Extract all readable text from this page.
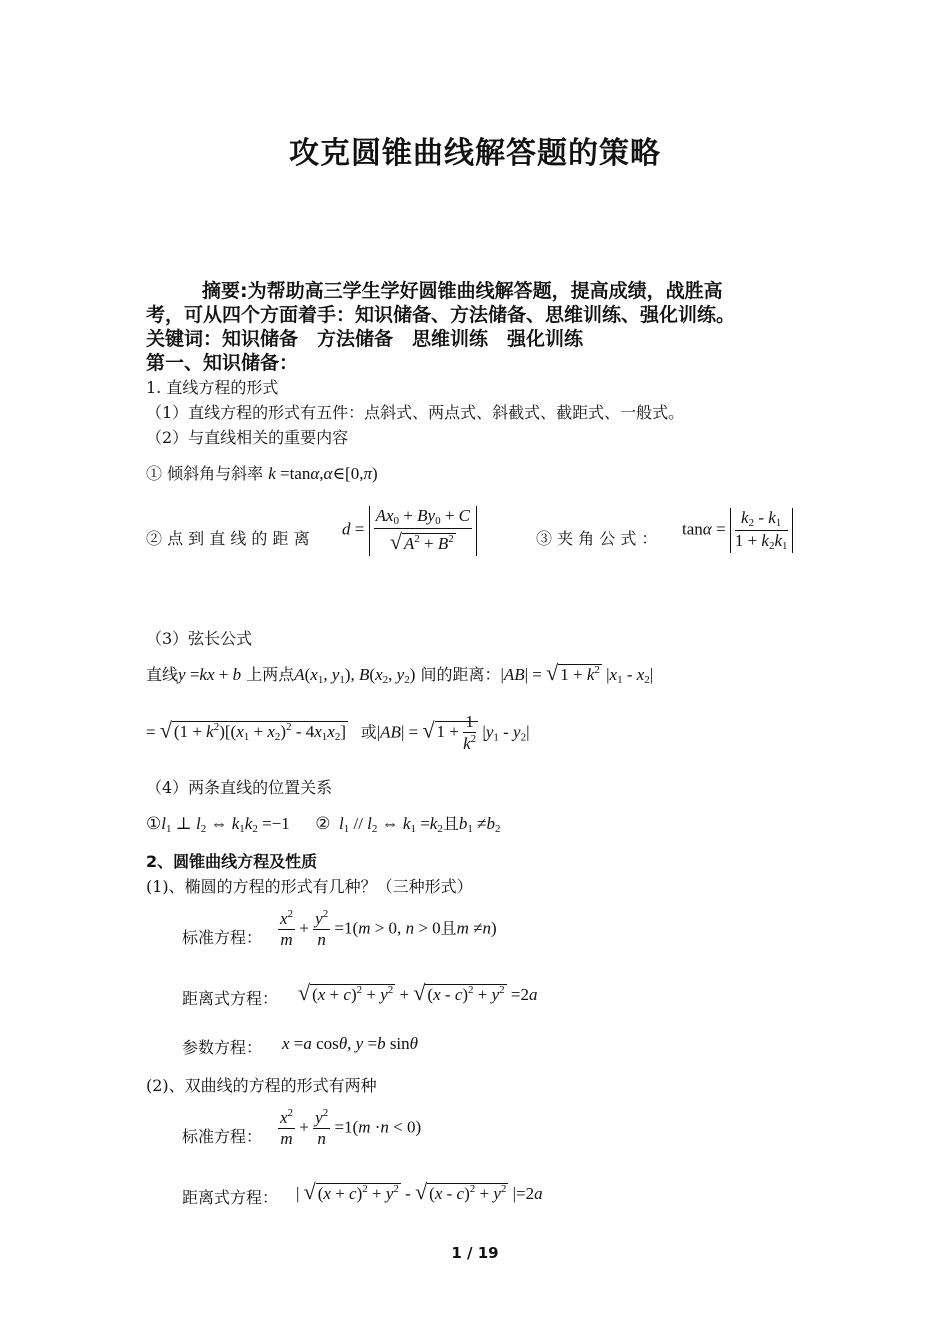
攻克圆锥曲线解答题的策略
摘要:为帮助高三学生学好圆锥曲线解答题，提高成绩，战胜高
考，可从四个方面着手：知识储备、方法储备、思维训练、强化训练。
关键词：知识储备　方法储备　思维训练　强化训练
第一、知识储备：
1. 直线方程的形式
（1）直线方程的形式有五件：点斜式、两点式、斜截式、截距式、一般式。
（2）与直线相关的重要内容
① 倾斜角与斜率 k =tanα,α∈[0,π)
② 点 到 直 线 的 距 离 $d = \frac{Ax_0 + By_0 + C}{√ A^2 + B^2}$	③ 夹 角 公 式 ： $\tan\alpha = \frac{k_2 - k_1}{1 + k_2k_1}$
（3）弦长公式
直线y =kx + b 上两点$A(x_1$, $y_1$), $B(x_2$, $y_2$) 间的距离：|AB| = √ $1 + k^2$ $|x_1 - x_2|$
= √ $(1 + k^2)[(x_1 + x_2)^2 - 4x_1x_2]$ 或|AB| = √ $1 + \frac{1}{k^2} |y_1 - y_2|$
（4）两条直线的位置关系
$①l_1$ ⊥ $l_2$ ⇔ $k_1k_2 =-1$      ②  $l_1 // l_2$ ⇔ $k_1 =k_2$且$b_1 \ne b_2$
2、圆锥曲线方程及性质
(1)、椭圆的方程的形式有几种？（三种形式）
标准方程： $\frac{x^2}{m} + \frac{y^2}{n} =1(m > 0$, n > 0且m ≠n)
距离式方程： √ $(x + c)^2 + y^2$ + √ $(x - c)^2 + y^2 =2a$
参数方程： x =a cosθ, y =b sinθ
(2)、双曲线的方程的形式有两种
标准方程： $\frac{x^2}{m} + \frac{y^2}{n} =1(m \cdot n < 0)$
距离式方程： | √ $(x + c)^2 + y^2$ - √ $(x - c)^2 + y^2$ |=2a
1 / 19
